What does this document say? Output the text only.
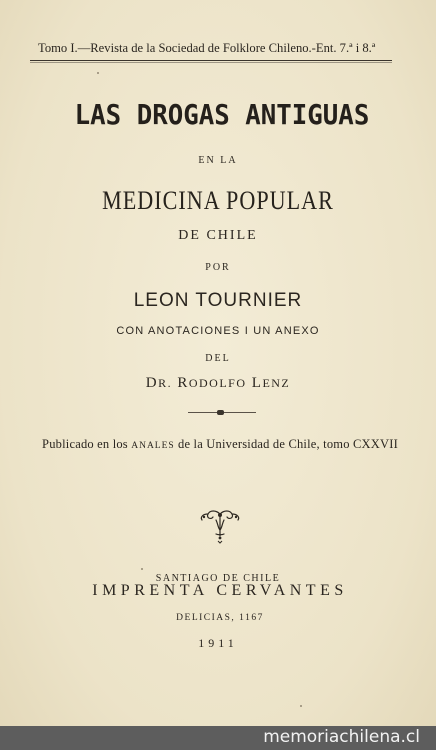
Tomo I.—Revista de la Sociedad de Folklore Chileno.-Ent. 7.ª i 8.ª
LAS DROGAS ANTIGUAS
EN LA
MEDICINA POPULAR
DE CHILE
POR
LEON TOURNIER
CON ANOTACIONES I UN ANEXO
DEL
DR. RODOLFO LENZ
Publicado en los ANALES de la Universidad de Chile, tomo CXXVII
SANTIAGO DE CHILE
IMPRENTA CERVANTES
DELICIAS, 1167
1911
memoriachilena.cl
